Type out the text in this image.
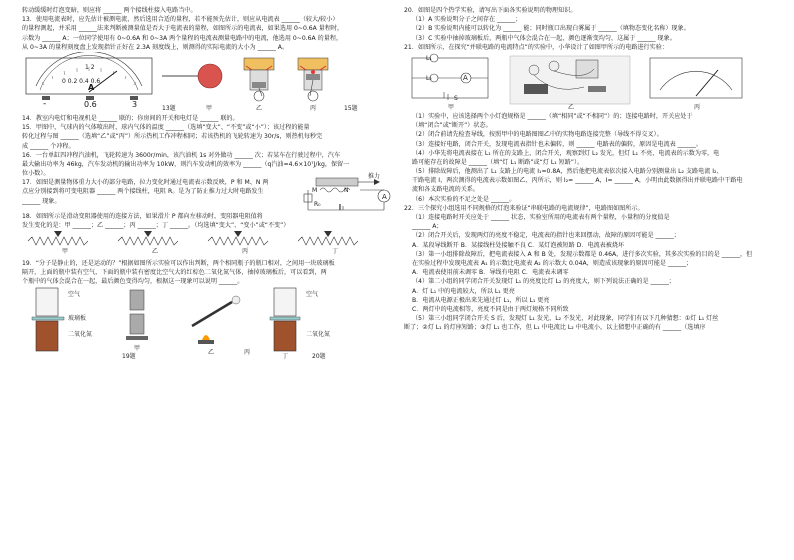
转动缓缓时灯泡变暗，则应将 ______ 两个接线柱接入电路当中。
13．使用电流表时，应先估计被测电流，然后选用合适的量程，若不能预先估计，则应从电流表 ______（较大/较小）
的量程测起，并采用 ______法来判断被测量值是否大于电流表的量程，如图所示的电流表，如果选用 0~0.6A 量程时，
示数为 ______ A；一位同学使用有 0~0.6A 和 0~3A 两个量程的电流表测量电路中的电流，他选用 0~0.6A 的量程，
从 0~3A 的量程刻度盘上发现指针正好在 2.3A 刻度线上，则测得的实际电流的大小为 ______ A。
1 2
0 0.2 0.4 0.6
A
-	0.6	3	13题	甲	乙	丙	15题
14．教室内电灯和电视机是 ______ 联的；你房间的开关和电灯是 ______ 联的。
15．甲图中，气球内的气体喷出时，球内气体的温度 ______（选填“变大”、“不变”或“小”）；该过程的能量
转化过程与图 ______（选填“乙”或“丙”）所示热机工作冲程相同；若该热机的飞轮转速为 30r/s，则热机每秒完
成 ______ 个冲程。
16．一台单缸四冲程汽油机，飞轮转速为 3600r/min，该汽油机 1s 对外做功 ______ 次；若某车在行驶过程中，汽车
最大输出功率为 46kg，汽车发动机的输出功率为 10kW，则汽车发动机的效率为 ______（q汽油=4.6×10⁷J/kg，保留一
位小数）。
17．如图是测量物体重力大小的部分电路，拉力变化时通过电流表示数反映，P 和 M、N 两
点应分别接到将可变电阻器 ______ 两个接线柱，电阻 R。是为了防止推力过大时电路发生
______ 现象。
推力
M	N
R₀
A
18．如图所示是滑动变阻器使用的连接方法，如果滑片 P 都向左移动时，变阻器电阻值将
发生变化的是：甲 ______；乙 ______；丙 ______；丁 ______。（均选填“变大”、“变小”或“不变”）
甲	乙	丙	丁
19．“分子是静止的，还是运动的？”根据如图所示实验可以作出判断，两个相同瓶子的瓶口相对，之间用一块玻璃板
隔开，上面的瓶中装有空气，下面的瓶中装有密度比空气大的红棕色二氧化氮气体，抽掉玻璃板后，可以看到，两
个瓶中的气体会混合在一起，最后颜色变得均匀，根据这一现象可以说明 ______。
空气
玻璃板
二氧化氮
空气
二氧化氮
19题
甲
乙	丙
丁	20题
20．如图是四个热学实验，请写出下面各实验说明的物理知识。
（1）A 实验说明分子之间存在 ______；
（2）B 实验说明内能可以转化为 ______ 能；同时瓶口出现白雾属于 ______（填物态变化名称）现象。
（3）C 实验中抽掉玻璃板后，两瓶中气体会混合在一起，颜色逐渐变均匀，这属于 ______ 现象。
21．如图所示，在探究“并联电路的电流特点”的实验中，小华设计了如图甲所示的电路进行实验：
L₁
L₂	A
S
甲	乙	丙
（1）实验中，应该选择两个小灯泡规格是 ______（填“相同”或“不相同”）的；连接电路时，开关应处于
（填“闭合”或“断开”）状态。
（2）闭合前请先检查导线，按照甲中的电路图图乙中的实物电路连接完整（导线不得交叉）。
（3）连接好电路，闭合开关，发现电流表指针也未偏转，则 ______ 电路表的偏转，原因是电流表 ______。
（4）小华先将电流表接在 L₁ 所在的支路上，闭合开关，观察到灯 L₂ 发光，但灯 L₁ 不亮，电流表的示数为零，电
路可能存在的故障是 ______（填“灯 L₁ 断路”或“灯 L₁ 短路”）。
（5）排除故障后，他测出了 L₁ 支路上的电流 I₁=0.8A，然后他把电流表依次接入电路分别测量出 L₂ 支路电流 I₂、
干路电流 I，两次测得的电流表示数如图乙、丙所示，则 I₂= ______ A，I= ______ A，小明由此数据得出并联电路中干路电
流和各支路电流的关系。
（6）本次实验的不足之处是 ______。
22．三个探究小组选用不同规格的灯泡来验证“串联电路的电流规律”，电路图如图所示。
（1）连接电路时开关应处于 ______ 状态，实验室所用的电流表有两个量程，小量程的分度值是
______ A；
（2）闭合开关后，发现两灯的亮度不稳定，电流表的指针也来回摆动，故障的原因可能是 ______；
A．某段导线断开 B．某接线柱处接触不良 C．某灯泡被短路 D．电流表被烧坏
（3）第一小组排除故障后，把电流表接入 A 和 B 处，发现示数都是 0.46A，进行多次实验，其多次实验的目的是 ______，但
在实验过程中发现电流表 A₁ 的示数比电流表 A₂ 的示数大 0.04A，则造成该现象的原因可能是 ______；
A．电流表使用前未调零 B．导线有电阻 C．电流表未调零
（4）第二小组的同学闭合开关发现灯 L₁ 的亮度比灯 L₂ 的亮度大，则下列说法正确的是 ______；
A．灯 L₁ 中的电流较大，所以 L₁ 更亮
B．电流从电源正极出来先通过灯 L₁，所以 L₁ 更亮
C．两灯中的电流相等，亮度不同是由于两灯规格不同所致
（5）第三小组同学闭合开关 S 后，发现灯 L₁ 发光，L₂ 不发光，对此现象，同学们有以下几种猜想：①灯 L₁ 灯丝
断了；②灯 L₁ 的灯座短路；③灯 L₁ 也工作，但 L₁ 中电流比 L₂ 中电流小，以上猜想中正确的有 ______（选填序
